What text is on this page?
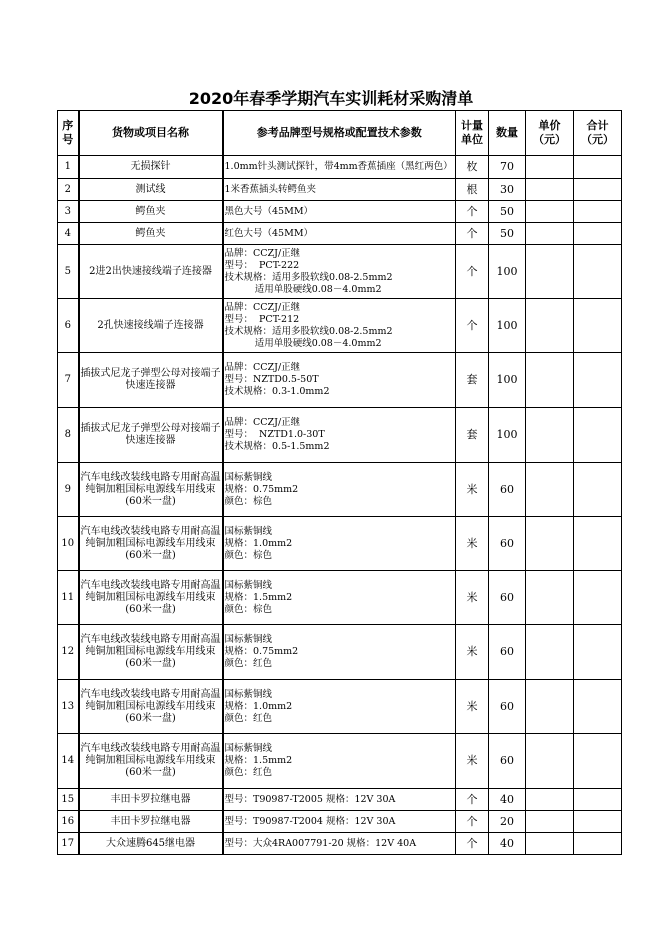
2020年春季学期汽车实训耗材采购清单
序号	货物或项目名称	参考品牌型号规格或配置技术参数	计量单位	数量	单价（元）	合计（元）
1	无损探针	1.0mm针头测试探针，带4mm香蕉插座（黑红两色）	枚	70		
2	测试线	1米香蕉插头转鳄鱼夹	根	30		
3	鳄鱼夹	黑色大号（45MM）	个	50		
4	鳄鱼夹	红色大号（45MM）	个	50		
5	2进2出快速接线端子连接器	品牌：CCZJ/正继
型号：  PCT-222
技术规格：适用多股软线0.08-2.5mm2
适用单股硬线0.08－4.0mm2	个	100		
6	2孔快速接线端子连接器	品牌：CCZJ/正继
型号：  PCT-212
技术规格：适用多股软线0.08-2.5mm2
适用单股硬线0.08－4.0mm2	个	100		
7	插拔式尼龙子弹型公母对接端子快速连接器	品牌：CCZJ/正继
型号：NZTD0.5-50T
技术规格：0.3-1.0mm2	套	100		
8	插拔式尼龙子弹型公母对接端子快速连接器	品牌：CCZJ/正继
型号：  NZTD1.0-30T
技术规格：0.5-1.5mm2	套	100		
9	汽车电线改装线电路专用耐高温纯铜加粗国标电源线车用线束(60米一盘)	国标紫铜线
规格：0.75mm2
颜色：棕色	米	60		
10	汽车电线改装线电路专用耐高温纯铜加粗国标电源线车用线束(60米一盘)	国标紫铜线
规格：1.0mm2
颜色：棕色	米	60		
11	汽车电线改装线电路专用耐高温纯铜加粗国标电源线车用线束(60米一盘)	国标紫铜线
规格：1.5mm2
颜色：棕色	米	60		
12	汽车电线改装线电路专用耐高温纯铜加粗国标电源线车用线束(60米一盘)	国标紫铜线
规格：0.75mm2
颜色：红色	米	60		
13	汽车电线改装线电路专用耐高温纯铜加粗国标电源线车用线束(60米一盘)	国标紫铜线
规格：1.0mm2
颜色：红色	米	60		
14	汽车电线改装线电路专用耐高温纯铜加粗国标电源线车用线束(60米一盘)	国标紫铜线
规格：1.5mm2
颜色：红色	米	60		
15	丰田卡罗拉继电器	型号：T90987-T2005 规格：12V 30A	个	40		
16	丰田卡罗拉继电器	型号：T90987-T2004 规格：12V 30A	个	20		
17	大众速腾645继电器	型号：大众4RA007791-20 规格：12V 40A	个	40		
